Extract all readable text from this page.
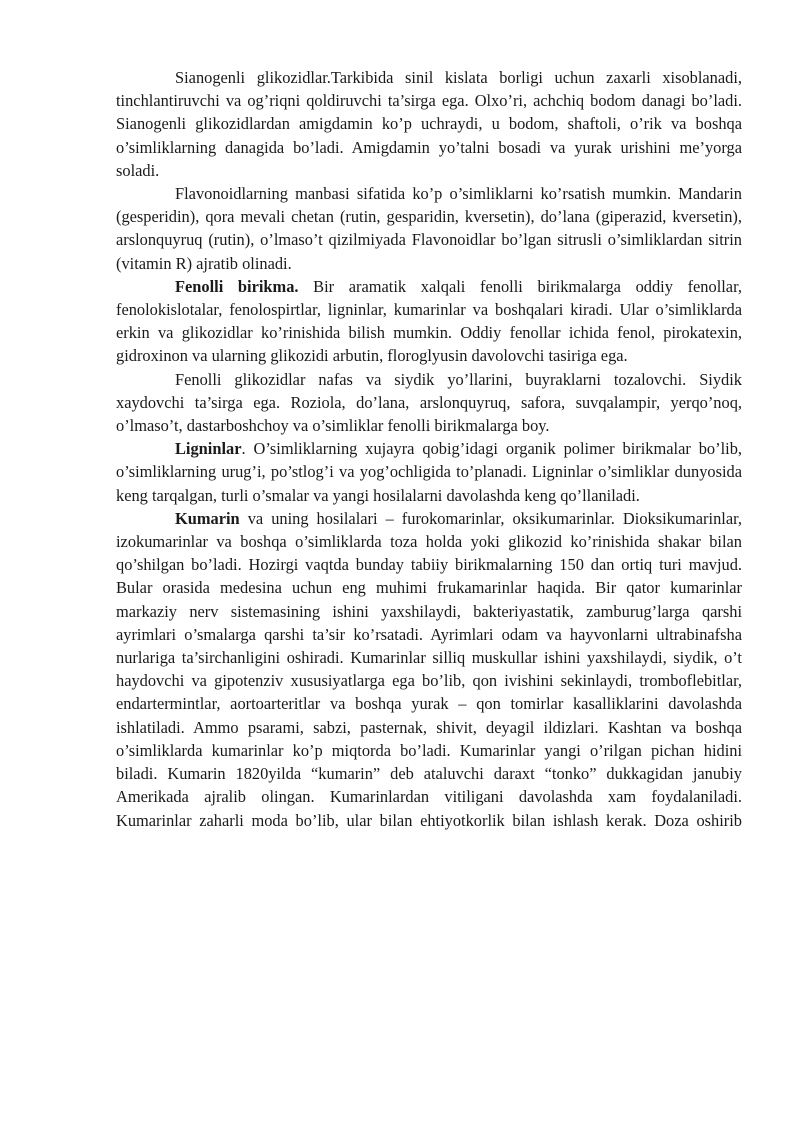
Sianogenli glikozidlar.Tarkibida sinil kislata borligi uchun zaxarli xisoblanadi, tinchlantiruvchi va og’riqni qoldiruvchi ta’sirga ega. Olxo’ri, achchiq bodom danagi bo’ladi. Sianogenli glikozidlardan amigdamin ko’p uchraydi, u bodom, shaftoli, o’rik va boshqa o’simliklarning danagida bo’ladi. Amigdamin yo’talni bosadi va yurak urishini me’yorga soladi.

Flavonoidlarning manbasi sifatida ko’p o’simliklarni ko’rsatish mumkin. Mandarin (gesperidin), qora mevali chetan (rutin, gesparidin, kversetin), do’lana (giperazid, kversetin), arslonquyruq (rutin), o’lmaso’t qizilmiyada Flavonoidlar bo’lgan sitrusli o’simliklardan sitrin (vitamin R) ajratib olinadi.

Fenolli birikma. Bir aramatik xalqali fenolli birikmalarga oddiy fenollar, fenolokislotalar, fenolospirtlar, ligninlar, kumarinlar va boshqalari kiradi. Ular o’simliklarda erkin va glikozidlar ko’rinishida bilish mumkin. Oddiy fenollar ichida fenol, pirokatexin, gidroxinon va ularning glikozidi arbutin, floroglyusin davolovchi tasiriga ega.

Fenolli glikozidlar nafas va siydik yo’llarini, buyraklarni tozalovchi. Siydik xaydovchi ta’sirga ega. Roziola, do’lana, arslonquyruq, safora, suvqalampir, yerqo’noq, o’lmaso’t, dastarboshchoy va o’simliklar fenolli birikmalarga boy.

Ligninlar. O’simliklarning xujayra qobig’idagi organik polimer birikmalar bo’lib, o’simliklarning urug’i, po’stlog’i va yog’ochligida to’planadi. Ligninlar o’simliklar dunyosida keng tarqalgan, turli o’smalar va yangi hosilalarni davolashda keng qo’llaniladi.

Kumarin va uning hosilalari – furokomarinlar, oksikumarinlar. Dioksikumarinlar, izokumarinlar va boshqa o’simliklarda toza holda yoki glikozid ko’rinishida shakar bilan qo’shilgan bo’ladi. Hozirgi vaqtda bunday tabiiy birikmalarning 150 dan ortiq turi mavjud. Bular orasida medesina uchun eng muhimi frukamarinlar haqida. Bir qator kumarinlar markaziy nerv sistemasining ishini yaxshilaydi, bakteriyastatik, zamburug’larga qarshi ayrimlari o’smalarga qarshi ta’sir ko’rsatadi. Ayrimlari odam va hayvonlarni ultrabinafsha nurlariga ta’sirchanligini oshiradi. Kumarinlar silliq muskullar ishini yaxshilaydi, siydik, o’t haydovchi va gipotenziv xususiyatlarga ega bo’lib, qon ivishini sekinlaydi, tromboflebitlar, endartermintlar, aortoarteritlar va boshqa yurak – qon tomirlar kasalliklarini davolashda ishlatiladi. Ammo psarami, sabzi, pasternak, shivit, deyagil ildizlari. Kashtan va boshqa o’simliklarda kumarinlar ko’p miqtorda bo’ladi. Kumarinlar yangi o’rilgan pichan hidini biladi. Kumarin 1820yilda “kumarin” deb ataluvchi daraxt “tonko” dukkagidan janubiy Amerikada ajralib olingan. Kumarinlardan vitiligani davolashda xam foydalaniladi. Kumarinlar zaharli moda bo’lib, ular bilan ehtiyotkorlik bilan ishlash kerak. Doza oshirib
